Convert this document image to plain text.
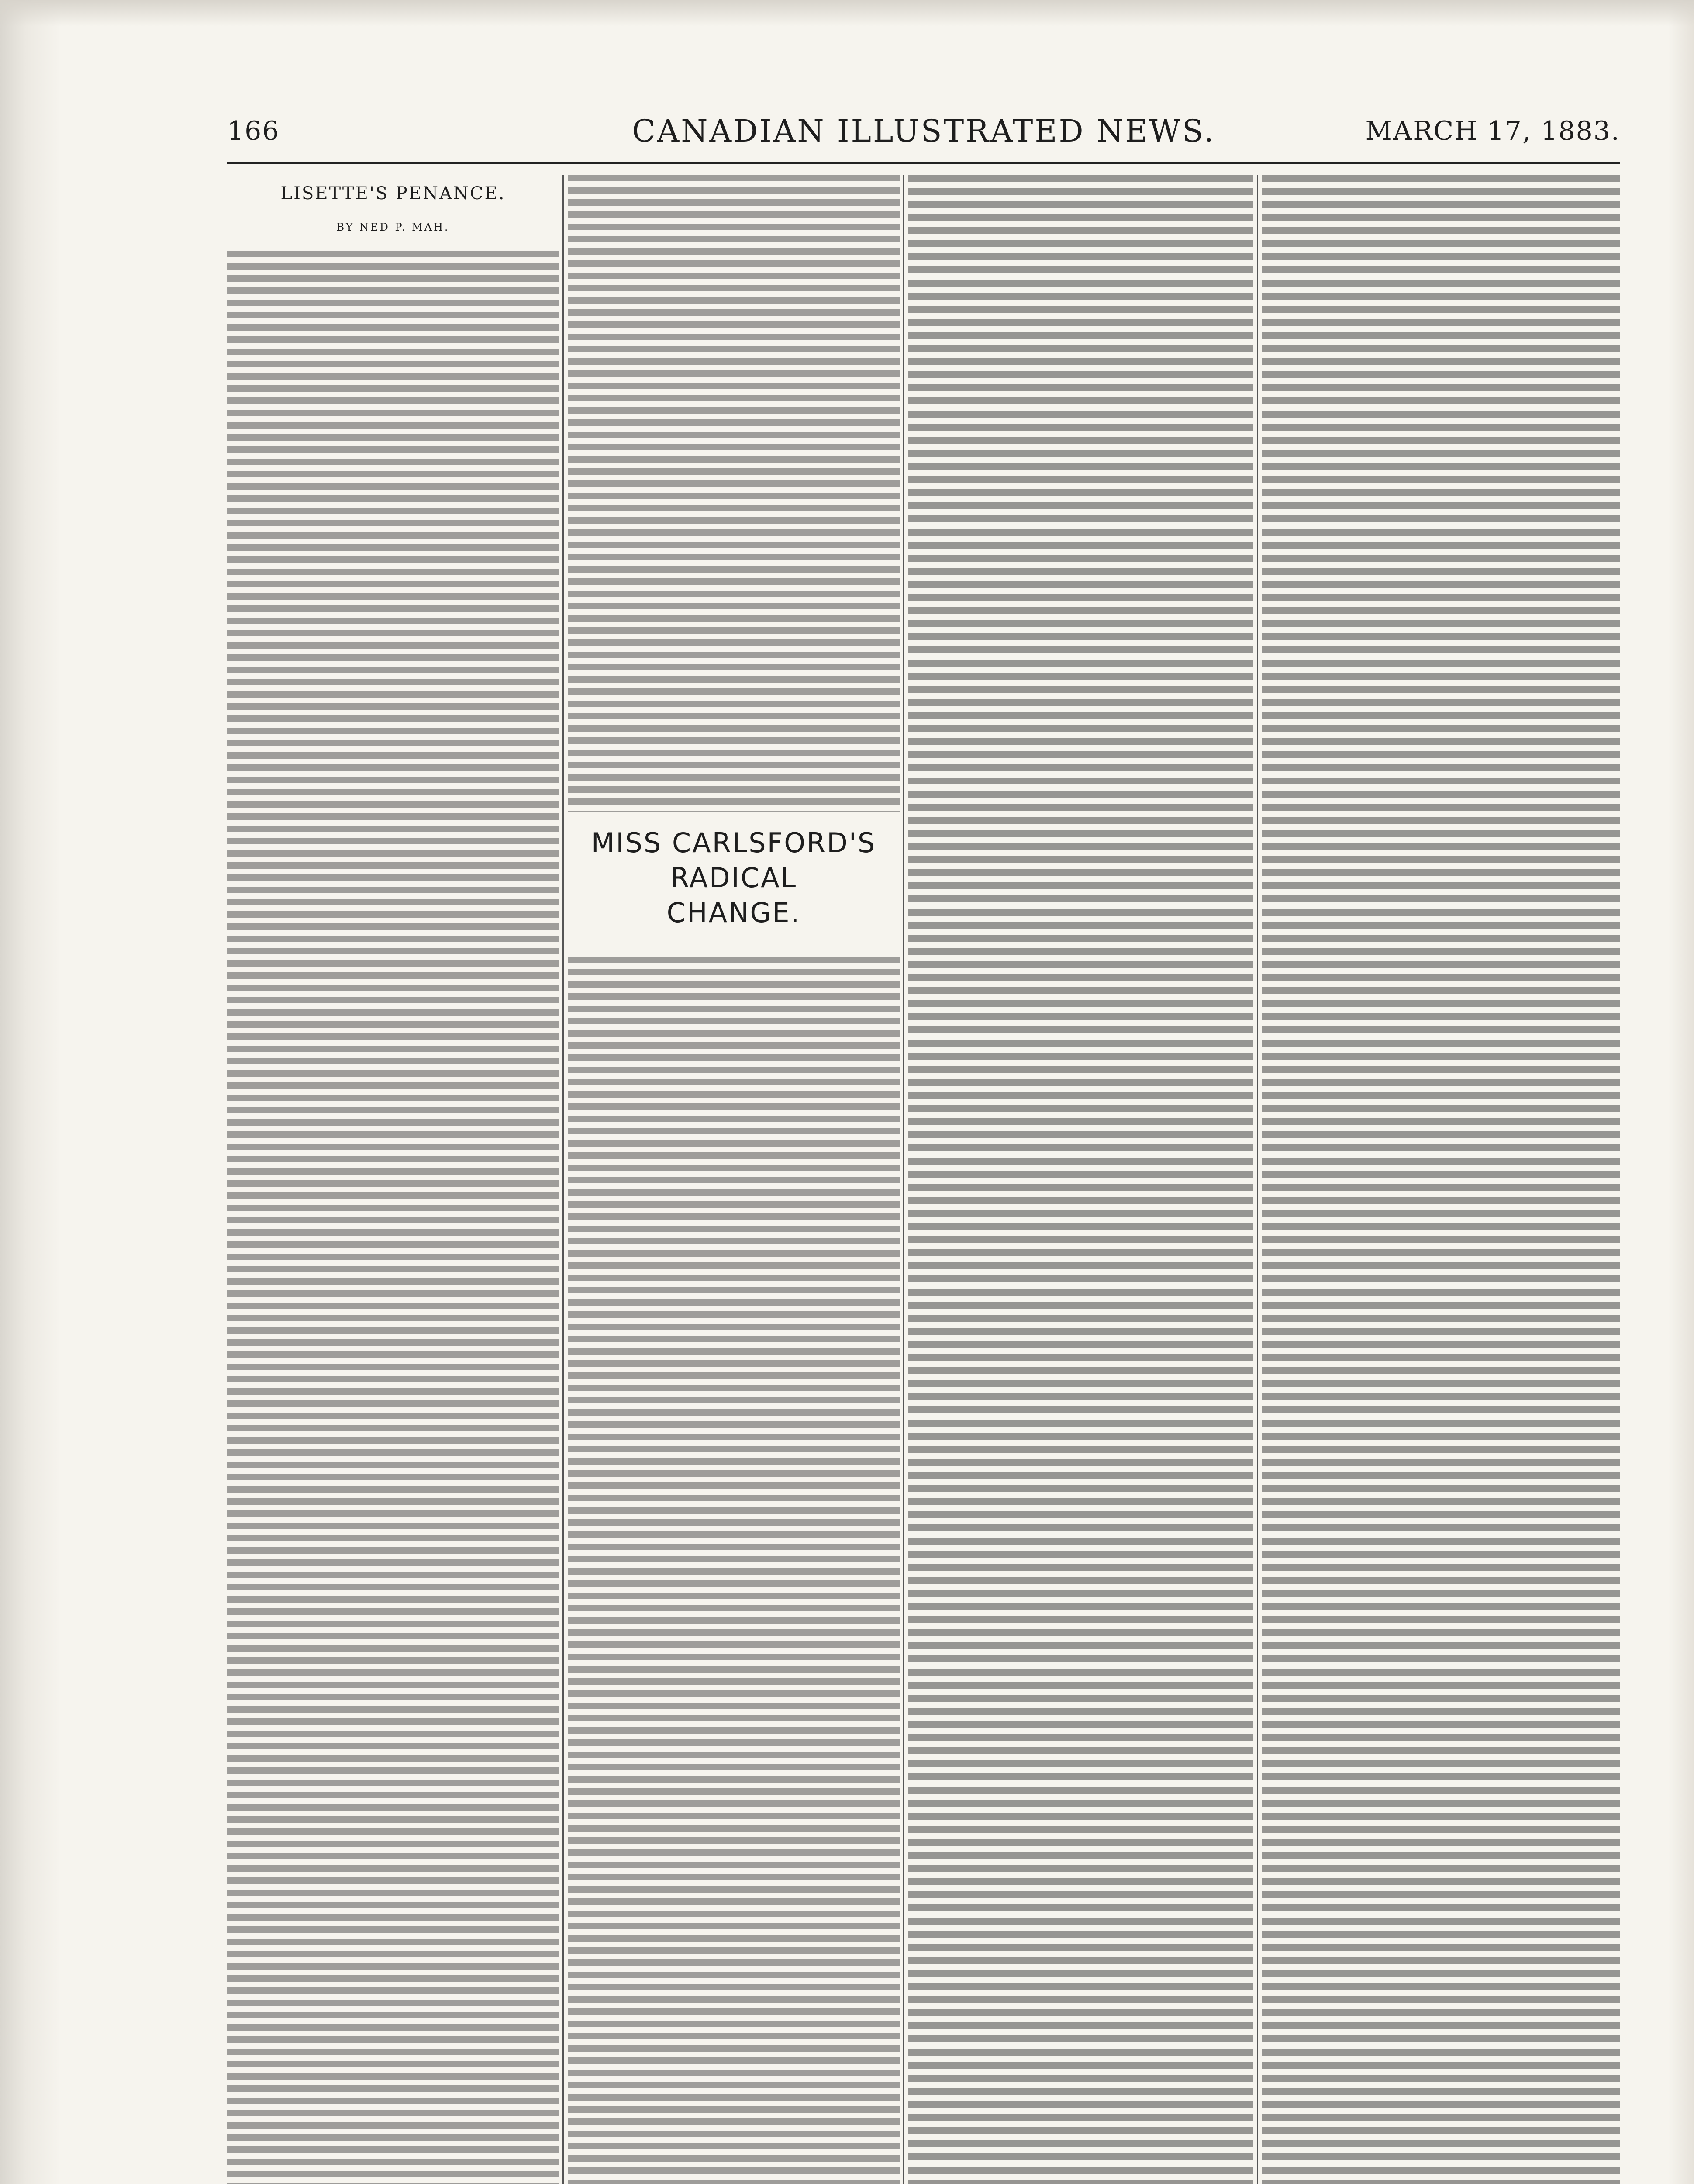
166	CANADIAN ILLUSTRATED NEWS.	MARCH 17, 1883.
LISETTE'S PENANCE.
BY NED P. MAH.
MISS CARLSFORD'S RADICAL
CHANGE.
